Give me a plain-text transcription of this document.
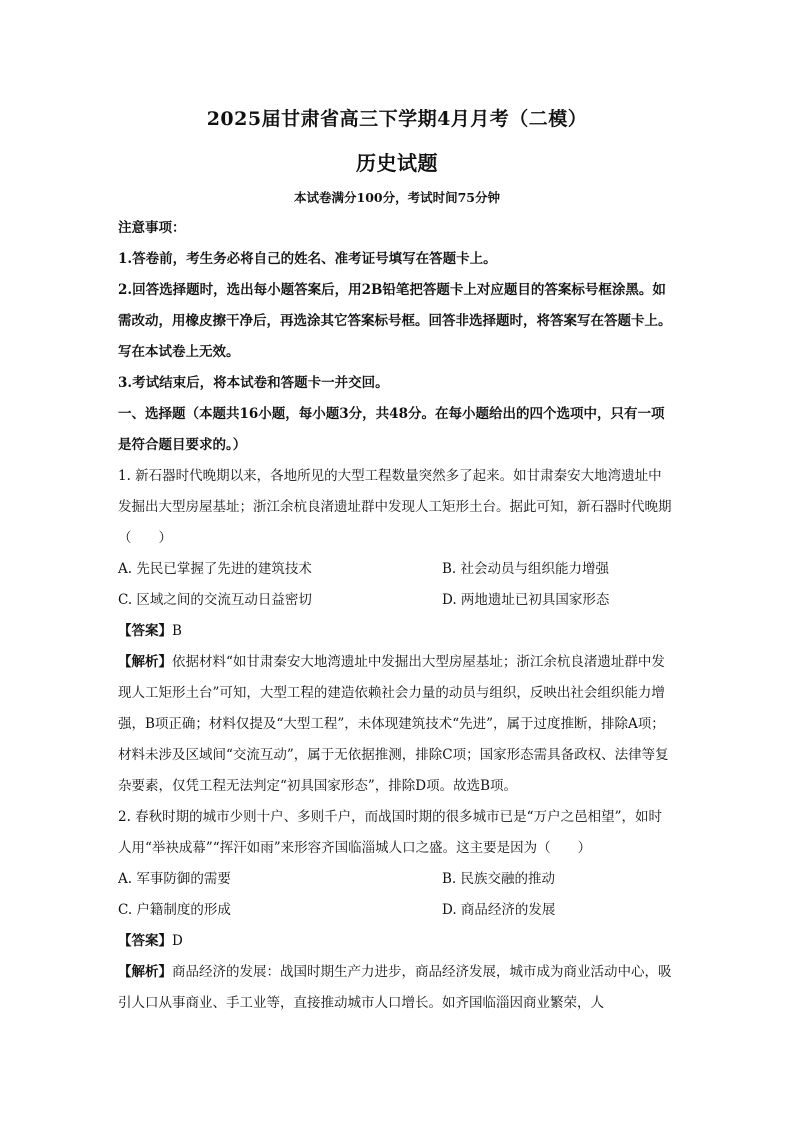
2025届甘肃省高三下学期4月月考（二模）
历史试题
本试卷满分100分，考试时间75分钟

注意事项：

1.答卷前，考生务必将自己的姓名、准考证号填写在答题卡上。

2.回答选择题时，选出每小题答案后，用2B铅笔把答题卡上对应题目的答案标号框涂黑。如需改动，用橡皮擦干净后，再选涂其它答案标号框。回答非选择题时，将答案写在答题卡上。写在本试卷上无效。

3.考试结束后，将本试卷和答题卡一并交回。

一、选择题（本题共16小题，每小题3分，共48分。在每小题给出的四个选项中，只有一项是符合题目要求的。）

1. 新石器时代晚期以来，各地所见的大型工程数量突然多了起来。如甘肃秦安大地湾遗址中发掘出大型房屋基址；浙江余杭良渚遗址群中发现人工矩形土台。据此可知，新石器时代晚期（　　）

A. 先民已掌握了先进的建筑技术	B. 社会动员与组织能力增强
C. 区域之间的交流互动日益密切	D. 两地遗址已初具国家形态

【答案】B

【解析】依据材料“如甘肃秦安大地湾遗址中发掘出大型房屋基址；浙江余杭良渚遗址群中发现人工矩形土台”可知，大型工程的建造依赖社会力量的动员与组织，反映出社会组织能力增强，B项正确；材料仅提及“大型工程”，未体现建筑技术“先进”，属于过度推断，排除A项；材料未涉及区域间“交流互动”，属于无依据推测，排除C项；国家形态需具备政权、法律等复杂要素，仅凭工程无法判定“初具国家形态”，排除D项。故选B项。

2. 春秋时期的城市少则十户、多则千户，而战国时期的很多城市已是“万户之邑相望”，如时人用“举袂成幕”“挥汗如雨”来形容齐国临淄城人口之盛。这主要是因为（　　）

A. 军事防御的需要	B. 民族交融的推动
C. 户籍制度的形成	D. 商品经济的发展

【答案】D

【解析】商品经济的发展：战国时期生产力进步，商品经济发展，城市成为商业活动中心，吸引人口从事商业、手工业等，直接推动城市人口增长。如齐国临淄因商业繁荣，人
